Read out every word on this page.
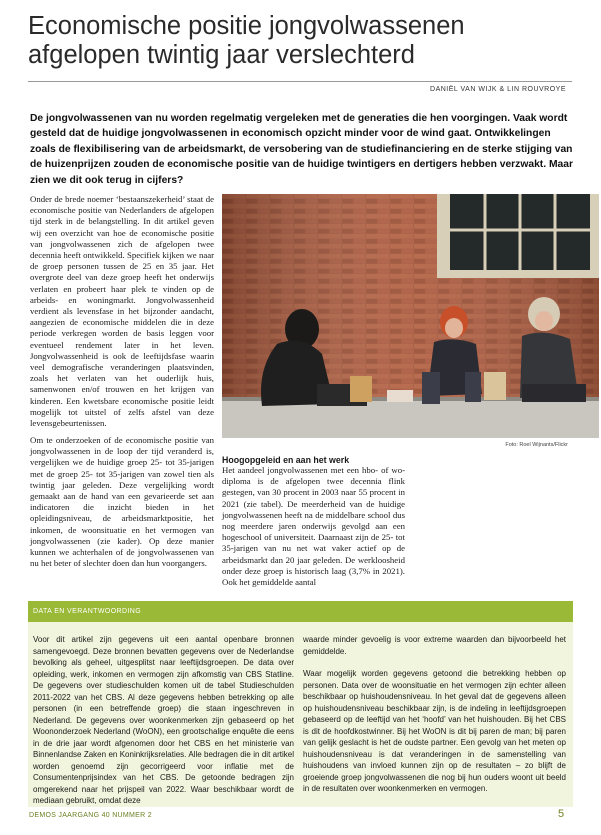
Economische positie jongvolwassenen afgelopen twintig jaar verslechterd
DANIËL VAN WIJK & LIN ROUVROYE

De jongvolwassenen van nu worden regelmatig vergeleken met de generaties die hen voorgingen. Vaak wordt gesteld dat de huidige jongvolwassenen in economisch opzicht minder voor de wind gaat. Ontwikkelingen zoals de flexibilisering van de arbeidsmarkt, de versobering van de studiefinanciering en de sterke stijging van de huizenprijzen zouden de economische positie van de huidige twintigers en dertigers hebben verzwakt. Maar zien we dit ook terug in cijfers?

Onder de brede noemer ‘bestaanszekerheid’ staat de economische positie van Nederlanders de afgelopen tijd sterk in de belangstelling. In dit artikel geven wij een overzicht van hoe de economische positie van jongvolwassenen zich de afgelopen twee decennia heeft ontwikkeld. Specifiek kijken we naar de groep personen tussen de 25 en 35 jaar. Het overgrote deel van deze groep heeft het onderwijs verlaten en probeert haar plek te vinden op de arbeids- en woningmarkt. Jongvolwassenheid verdient als levensfase in het bijzonder aandacht, aangezien de economische middelen die in deze periode verkregen worden de basis leggen voor eventueel rendement later in het leven. Jongvolwassenheid is ook de leeftijdsfase waarin veel demografische veranderingen plaatsvinden, zoals het verlaten van het ouderlijk huis, samenwonen en/of trouwen en het krijgen van kinderen. Een kwetsbare economische positie leidt mogelijk tot uitstel of zelfs afstel van deze levensgebeurtenissen.

Om te onderzoeken of de economische positie van jongvolwassenen in de loop der tijd veranderd is, vergelijken we de huidige groep 25- tot 35-jarigen met de groep 25- tot 35-jarigen van zowel tien als twintig jaar geleden. Deze vergelijking wordt gemaakt aan de hand van een gevarieerde set aan indicatoren die inzicht bieden in het opleidingsniveau, de arbeidsmarktpositie, het inkomen, de woonsituatie en het vermogen van jongvolwassenen (zie kader). Op deze manier kunnen we achterhalen of de jongvolwassenen van nu het beter of slechter doen dan hun voorgangers.

Foto: Roel Wijnants/Flickr
Hoogopgeleid en aan het werk

Het aandeel jongvolwassenen met een hbo- of wo-diploma is de afgelopen twee decennia flink gestegen, van 30 procent in 2003 naar 55 procent in 2021 (zie tabel). De meerderheid van de huidige jongvolwassenen heeft na de middelbare school dus nog meerdere jaren onderwijs gevolgd aan een hogeschool of universiteit. Daarnaast zijn de 25- tot 35-jarigen van nu net wat vaker actief op de arbeidsmarkt dan 20 jaar geleden. De werkloosheid onder deze groep is historisch laag (3,7% in 2021). Ook het gemiddelde aantal

DATA EN VERANTWOORDING

Voor dit artikel zijn gegevens uit een aantal openbare bronnen samengevoegd. Deze bronnen bevatten gegevens over de Nederlandse bevolking als geheel, uitgesplitst naar leeftijdsgroepen. De data over opleiding, werk, inkomen en vermogen zijn afkomstig van CBS Statline. De gegevens over studieschulden komen uit de tabel Studieschulden 2011-2022 van het CBS. Al deze gegevens hebben betrekking op alle personen (in een betreffende groep) die staan ingeschreven in Nederland. De gegevens over woonkenmerken zijn gebaseerd op het Woononderzoek Nederland (WoON), een grootschalige enquête die eens in de drie jaar wordt afgenomen door het CBS en het ministerie van Binnenlandse Zaken en Koninkrijksrelaties. Alle bedragen die in dit artikel worden genoemd zijn gecorrigeerd voor inflatie met de Consumentenprijsindex van het CBS. De getoonde bedragen zijn omgerekend naar het prijspeil van 2022. Waar beschikbaar wordt de mediaan gebruikt, omdat deze

waarde minder gevoelig is voor extreme waarden dan bijvoorbeeld het gemiddelde.

Waar mogelijk worden gegevens getoond die betrekking hebben op personen. Data over de woonsituatie en het vermogen zijn echter alleen beschikbaar op huishoudensniveau. In het geval dat de gegevens alleen op huishoudensniveau beschikbaar zijn, is de indeling in leeftijdsgroepen gebaseerd op de leeftijd van het ‘hoofd’ van het huishouden. Bij het CBS is dit de hoofdkostwinner. Bij het WoON is dit bij paren de man; bij paren van gelijk geslacht is het de oudste partner. Een gevolg van het meten op huishoudensniveau is dat veranderingen in de samenstelling van huishoudens van invloed kunnen zijn op de resultaten – zo blijft de groeiende groep jongvolwassenen die nog bij hun ouders woont uit beeld in de resultaten over woonkenmerken en vermogen.

DEMOS JAARGANG 40 NUMMER 2	5
